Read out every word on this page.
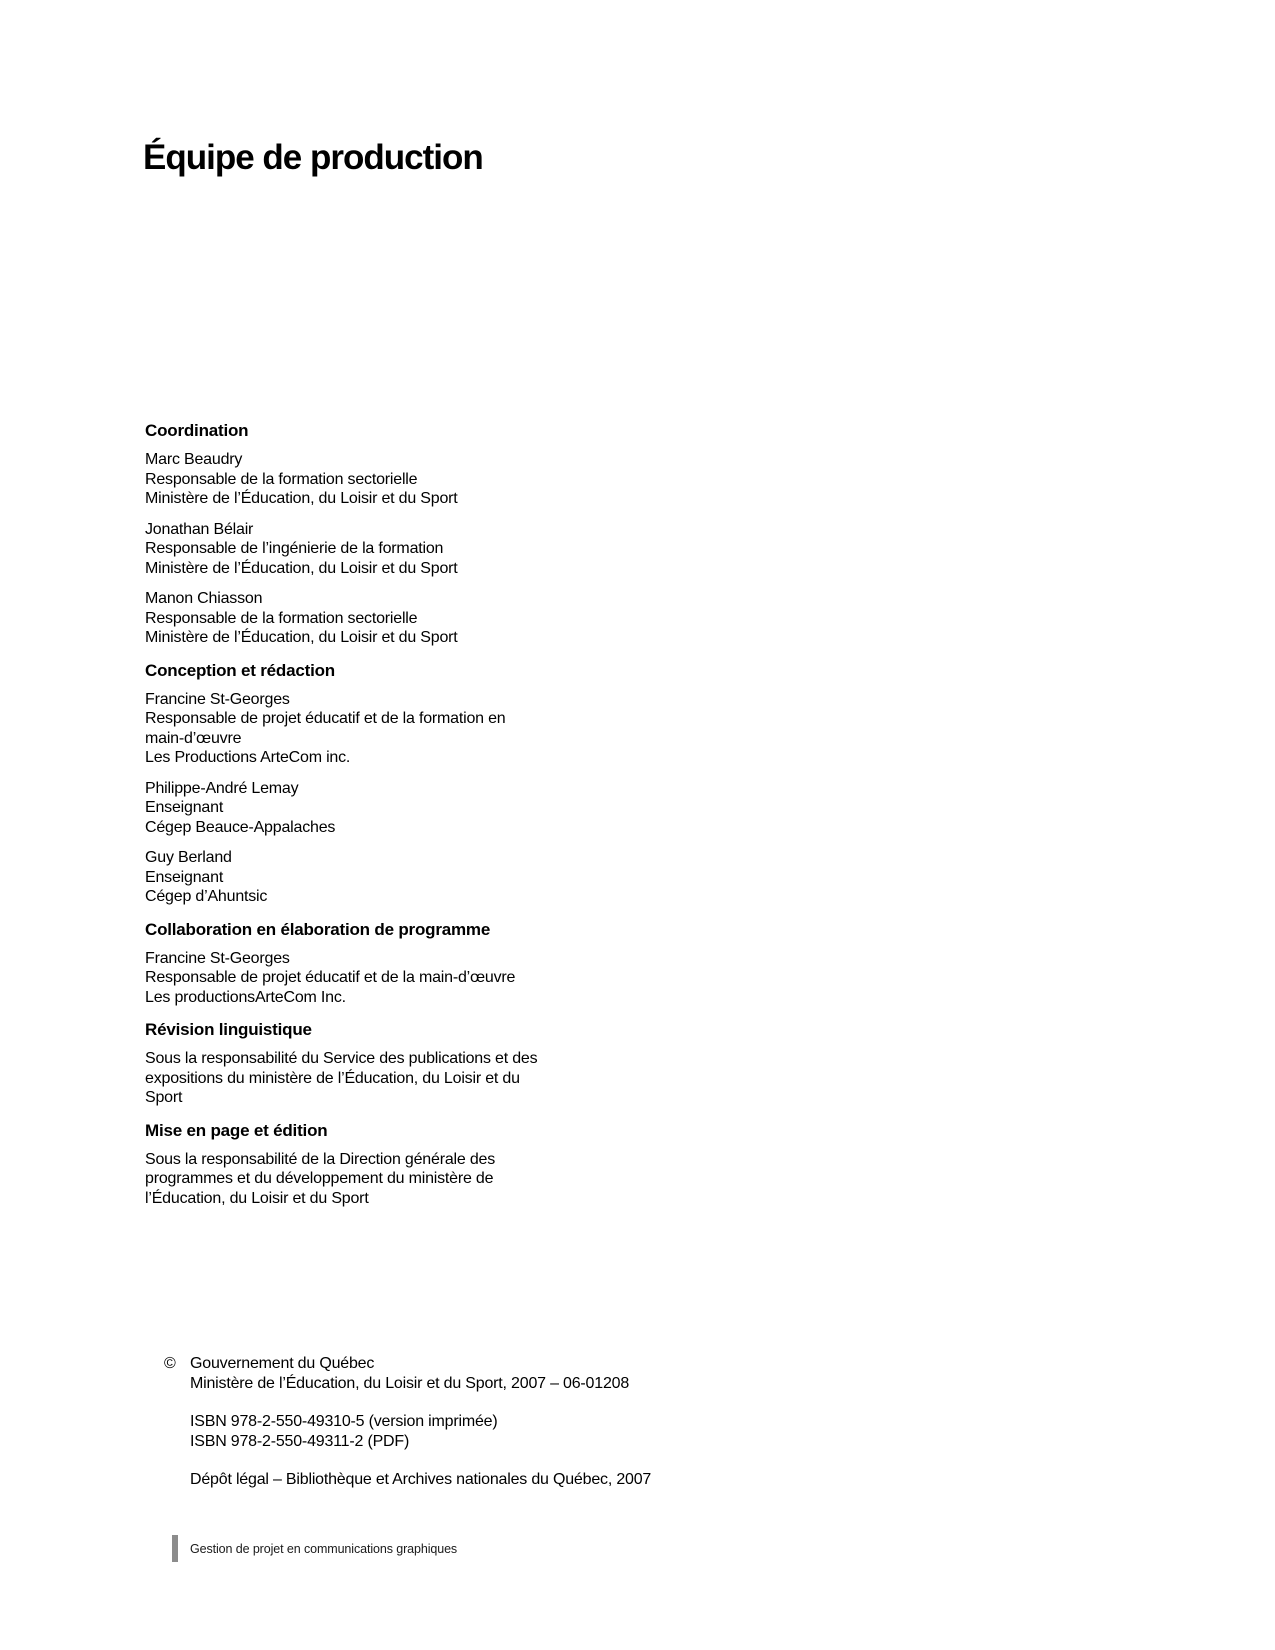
Équipe de production
Coordination

Marc Beaudry
Responsable de la formation sectorielle
Ministère de l’Éducation, du Loisir et du Sport

Jonathan Bélair
Responsable de l’ingénierie de la formation
Ministère de l’Éducation, du Loisir et du Sport

Manon Chiasson
Responsable de la formation sectorielle
Ministère de l’Éducation, du Loisir et du Sport

Conception et rédaction

Francine St-Georges
Responsable de projet éducatif et de la formation en
main-d’œuvre
Les Productions ArteCom inc.

Philippe-André Lemay
Enseignant
Cégep Beauce-Appalaches

Guy Berland
Enseignant
Cégep d’Ahuntsic

Collaboration en élaboration de programme

Francine St-Georges
Responsable de projet éducatif et de la main-d’œuvre
Les productionsArteCom Inc.

Révision linguistique

Sous la responsabilité du Service des publications et des
expositions du ministère de l’Éducation, du Loisir et du
Sport

Mise en page et édition

Sous la responsabilité de la Direction générale des
programmes et du développement du ministère de
l’Éducation, du Loisir et du Sport

© Gouvernement du Québec
Ministère de l’Éducation, du Loisir et du Sport, 2007 – 06-01208
ISBN 978-2-550-49310-5 (version imprimée)
ISBN 978-2-550-49311-2 (PDF)
Dépôt légal – Bibliothèque et Archives nationales du Québec, 2007
Gestion de projet en communications graphiques
